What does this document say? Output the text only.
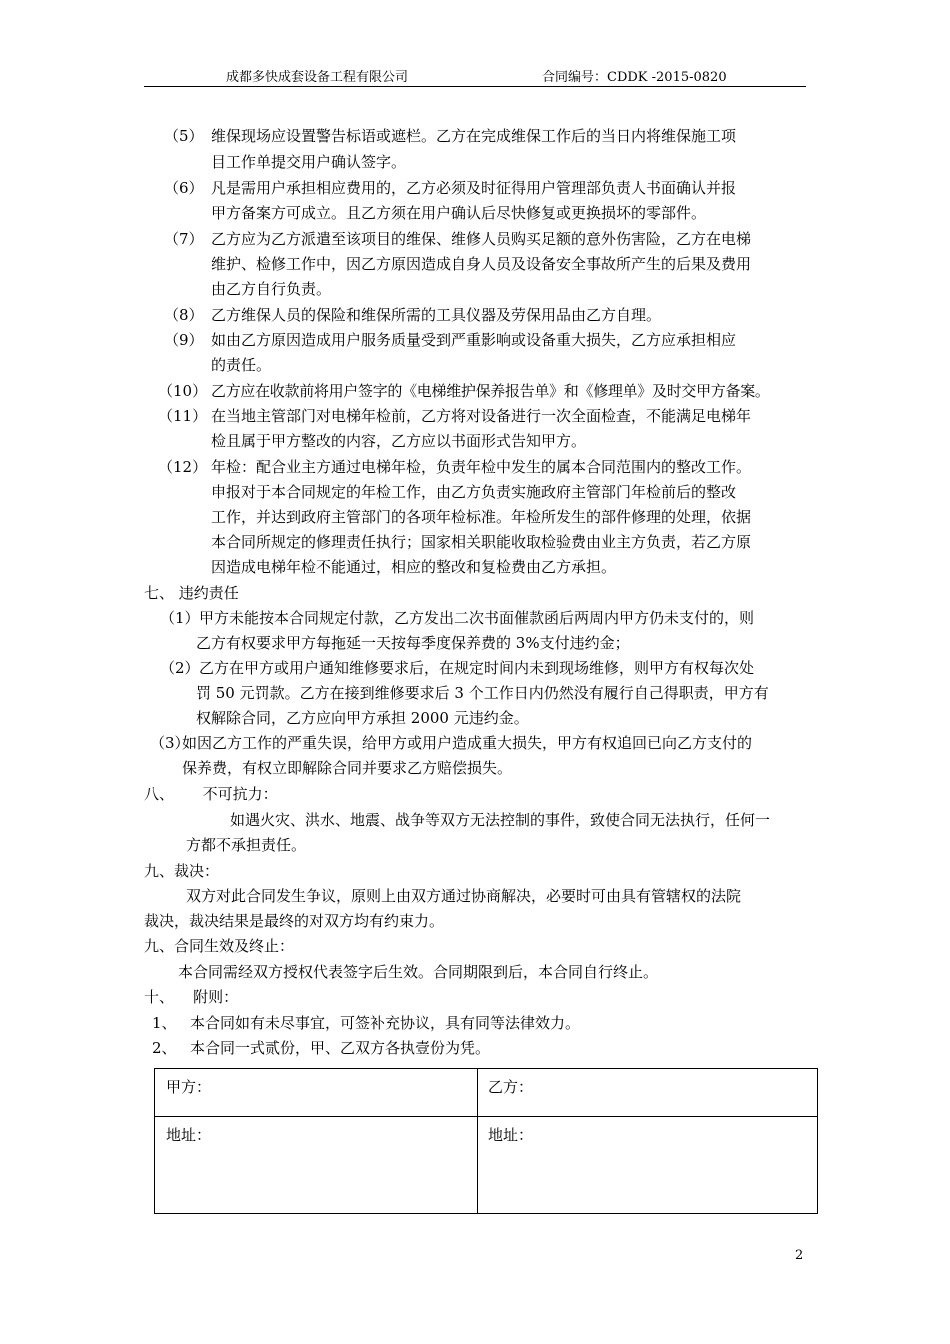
成都多快成套设备工程有限公司	合同编号：CDDK -2015-0820
（5） 维保现场应设置警告标语或遮栏。乙方在完成维保工作后的当日内将维保施工项
目工作单提交用户确认签字。
（6） 凡是需用户承担相应费用的，乙方必须及时征得用户管理部负责人书面确认并报
甲方备案方可成立。且乙方须在用户确认后尽快修复或更换损坏的零部件。
（7） 乙方应为乙方派遣至该项目的维保、维修人员购买足额的意外伤害险，乙方在电梯
维护、检修工作中，因乙方原因造成自身人员及设备安全事故所产生的后果及费用
由乙方自行负责。
（8） 乙方维保人员的保险和维保所需的工具仪器及劳保用品由乙方自理。
（9） 如由乙方原因造成用户服务质量受到严重影响或设备重大损失，乙方应承担相应
的责任。
（10） 乙方应在收款前将用户签字的《电梯维护保养报告单》和《修理单》及时交甲方备案。
（11） 在当地主管部门对电梯年检前，乙方将对设备进行一次全面检查，不能满足电梯年
检且属于甲方整改的内容，乙方应以书面形式告知甲方。
（12） 年检：配合业主方通过电梯年检，负责年检中发生的属本合同范围内的整改工作。
申报对于本合同规定的年检工作，由乙方负责实施政府主管部门年检前后的整改
工作，并达到政府主管部门的各项年检标准。年检所发生的部件修理的处理，依据
本合同所规定的修理责任执行；国家相关职能收取检验费由业主方负责，若乙方原
因造成电梯年检不能通过，相应的整改和复检费由乙方承担。
七、 违约责任
（1） 甲方未能按本合同规定付款，乙方发出二次书面催款函后两周内甲方仍未支付的，则
乙方有权要求甲方每拖延一天按每季度保养费的 3%支付违约金；
（2） 乙方在甲方或用户通知维修要求后，在规定时间内未到现场维修，则甲方有权每次处
罚 50 元罚款。乙方在接到维修要求后 3 个工作日内仍然没有履行自己得职责，甲方有
权解除合同，乙方应向甲方承担 2000 元违约金。
（3）
如因乙方工作的严重失误，给甲方或用户造成重大损失，甲方有权追回已向乙方支付的
保养费，有权立即解除合同并要求乙方赔偿损失。
八、      不可抗力：
如遇火灾、洪水、地震、战争等双方无法控制的事件，致使合同无法执行，任何一
方都不承担责任。
九、裁决：
双方对此合同发生争议，原则上由双方通过协商解决，必要时可由具有管辖权的法院
裁决，裁决结果是最终的对双方均有约束力。
九、合同生效及终止：
本合同需经双方授权代表签字后生效。合同期限到后，本合同自行终止。
十、    附则：
1、 本合同如有未尽事宜，可签补充协议，具有同等法律效力。
2、 本合同一式贰份，甲、乙双方各执壹份为凭。
甲方：	乙方：
地址：	地址：
2
